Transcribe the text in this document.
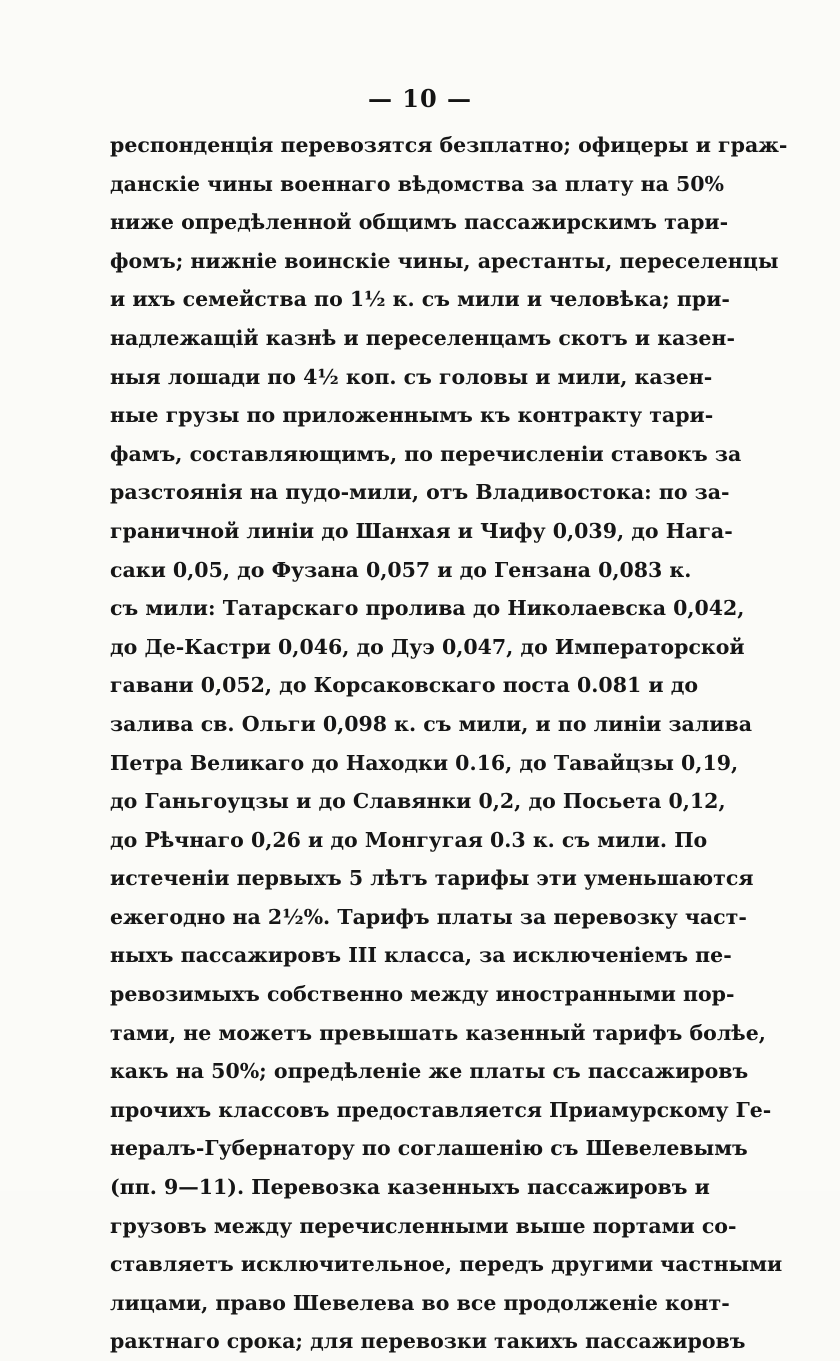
— 10 —
респонденція перевозятся безплатно; офицеры и граж-
данскіе чины военнаго вѣдомства за плату на 50%
ниже опредѣленной общимъ пассажирскимъ тари-
фомъ; нижніе воинскіе чины, арестанты, переселенцы
и ихъ семейства по 1½ к. съ мили и человѣка; при-
надлежащій казнѣ и переселенцамъ скотъ и казен-
ныя лошади по 4½ коп. съ головы и мили, казен-
ные грузы по приложеннымъ къ контракту тари-
фамъ, составляющимъ, по перечисленіи ставокъ за
разстоянія на пудо-мили, отъ Владивостока: по за-
граничной линіи до Шанхая и Чифу 0,039, до Нага-
саки 0,05, до Фузана 0,057 и до Гензана 0,083 к.
съ мили: Татарскаго пролива до Николаевска 0,042,
до Де-Кастри 0,046, до Дуэ 0,047, до Императорской
гавани 0,052, до Корсаковскаго поста 0.081 и до
залива св. Ольги 0,098 к. съ мили, и по линіи залива
Петра Великаго до Находки 0.16, до Тавайцзы 0,19,
до Ганьгоуцзы и до Славянки 0,2, до Посьета 0,12,
до Рѣчнаго 0,26 и до Монгугая 0.3 к. съ мили. По
истеченіи первыхъ 5 лѣтъ тарифы эти уменьшаются
ежегодно на 2½%. Тарифъ платы за перевозку част-
ныхъ пассажировъ III класса, за исключеніемъ пе-
ревозимыхъ собственно между иностранными пор-
тами, не можетъ превышать казенный тарифъ болѣе,
какъ на 50%; опредѣленіе же платы съ пассажировъ
прочихъ классовъ предоставляется Приамурскому Ге-
нералъ-Губернатору по соглашенію съ Шевелевымъ
(пп. 9—11). Перевозка казенныхъ пассажировъ и
грузовъ между перечисленными выше портами со-
ставляетъ исключительное, передъ другими частными
лицами, право Шевелева во все продолженіе конт-
рактнаго срока; для перевозки такихъ пассажировъ
